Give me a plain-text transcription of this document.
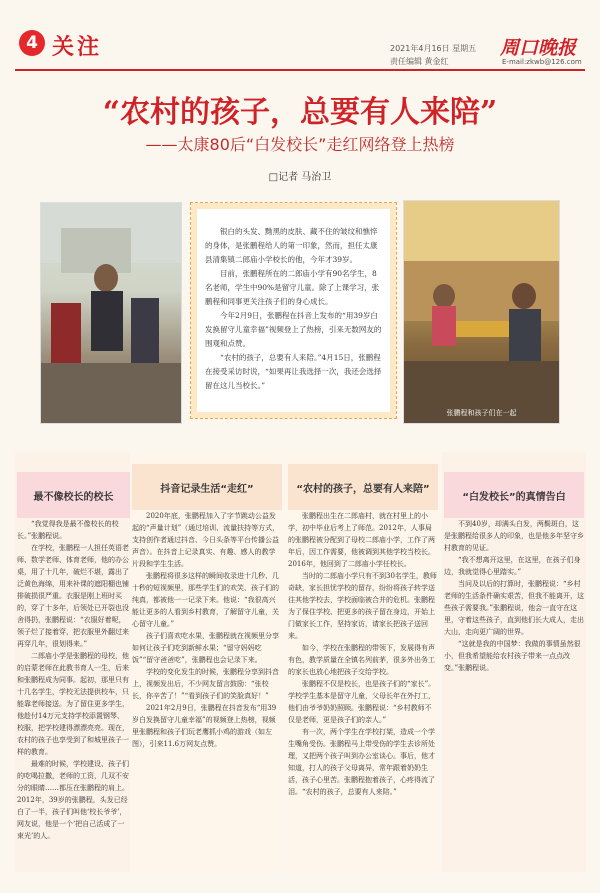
4 关注	2021年4月16日 星期五
责任编辑 黄金红
周口晚报
E-mail:zkwb@126.com
“农村的孩子，总要有人来陪”
——太康80后“白发校长”走红网络登上热榜
□记者 马治卫
张鹏程和孩子们在一起

银白的头发、黝黑的皮肤、藏不住的皱纹和憔悴的身体，是张鹏程给人的第一印象，然而，担任太康县清集镇二郎庙小学校长的他，今年才39岁。

目前，张鹏程所在的二郎庙小学有90名学生，8名老师，学生中90%是留守儿童。除了上课学习，张鹏程和同事更关注孩子们的身心成长。

今年2月9日，张鹏程在抖音上发布的“用39岁白发换留守儿童幸福”视频登上了热榜，引来无数网友的围观和点赞。

“农村的孩子，总要有人来陪。”4月15日，张鹏程在接受采访时说，“如果再让我选择一次，我还会选择留在这儿当校长。”

最不像校长的校长

“我觉得我是最不像校长的校长。”张鹏程说。

在学校，张鹏程一人担任英语老师、数学老师、体育老师，他的办公桌，用了十几年，破烂不堪，露出了泛黄色海绵，用来补课的遮阳棚也铺排破损很严重。衣服是刚上班时买的，穿了十多年，后领处已开裂也没舍得扔，张鹏程说：“衣服好着呢，领子烂了接着穿，把衣服里外翻过来再穿几年，很划得来。”

二郎庙小学是张鹏程的母校，他的启蒙老师在此教书育人一生，后来和张鹏程成为同事。起初，那里只有十几名学生，学校无法提供校车，只能靠老师接送。为了留住更多学生，他趁付14万元支持学校添置钢琴、校服，把学校建得漂漂亮亮。现在，农村的孩子也享受到了和城里孩子一样的教育。

最难的时候，学校建设、孩子们的吃喝拉撒，老师的工资，几双不安分的眼睛……都压在张鹏程的肩上。2012年，39岁的张鹏程，头发已经白了一半，孩子们叫他‘校长爷爷’，网友说，他是一个‘把自己活成了一束光’的人。

抖音记录生活“走红”

2020年底，张鹏程加入了字节跳动公益发起的“声量计划”（通过培训、流量扶持等方式，支持创作者通过抖音、今日头条等平台传播公益声音）。在抖音上记录真实、有趣、感人的教学片段和学生生活。

张鹏程将很多这样的瞬间收录进十几秒、几十秒的短视频里，那些学生们的欢笑、孩子们的纯真，都被他一一记录下来。他说：“我很高兴能让更多的人看到乡村教育，了解留守儿童，关心留守儿童。”

孩子们喜欢吃水果，张鹏程就在视频里分享如何让孩子们吃到新鲜水果；“留守妈妈吃饭”“留守爸爸吃”，张鹏程也会记录下来。

学校的变化发生的时候，张鹏程分享到抖音上，视频发出后，不少网友留言鼓励：“张校长，你辛苦了！”“看到孩子们的笑脸真好！”

2021年2月9日，张鹏程在抖音发布“用39岁白发换留守儿童幸福”的视频登上热榜，视频里张鹏程和孩子们玩老鹰抓小鸡的游戏（如左图），引来11.6万网友点赞。

“农村的孩子，总要有人来陪”

张鹏程出生在二郎庙村，就在村里上的小学，初中毕业后考上了师范。2012年，人事局的张鹏程被分配到了母校二郎庙小学，工作了两年后，因工作需要，他被调到其他学校当校长。2016年，他回到了二郎庙小学任校长。

当时的二郎庙小学只有不到30名学生，教师奇缺，家长担忧学校的留存，纷纷将孩子转学送往其他学校去，学校面临被合并的危机。张鹏程为了保住学校、把更多的孩子留在身边，开始上门做家长工作，坚持家访，请家长把孩子送回来。

如今，学校在张鹏程的带领下，发展得有声有色，教学质量在全镇名列前茅，很多外出务工的家长也放心地把孩子交给学校。

张鹏程不仅是校长，也是孩子们的“家长”。学校学生基本是留守儿童，父母长年在外打工，他们由爷爷奶奶照顾。张鹏程说：“乡村教师不仅是老师，更是孩子们的亲人。”

有一次，两个学生在学校打架，造成一个学生嘴角受伤。张鹏程马上带受伤的学生去诊所处理，又把两个孩子叫到办公室谈心。事后，他才知道，打人的孩子父母离异，常年跟着奶奶生活，孩子心里苦。张鹏程抱着孩子，心疼得流了泪。“农村的孩子，总要有人来陪。”

“白发校长”的真情告白

不到40岁，却满头白发，两鬓斑白，这是张鹏程给很多人的印象，也是他多年坚守乡村教育的见证。

“我不想离开这里，在这里，在孩子们身边，我就觉得心里踏实。”

当问及以后的打算时，张鹏程说：“乡村老师的生活条件确实艰苦，但我不能离开，这些孩子需要我。”张鹏程说，他会一直守在这里，守着这些孩子，直到他们长大成人，走出大山，走向更广阔的世界。

“这就是我的中国梦：我做的事情虽然很小，但我希望能给农村孩子带来一点点改变。”张鹏程说。
